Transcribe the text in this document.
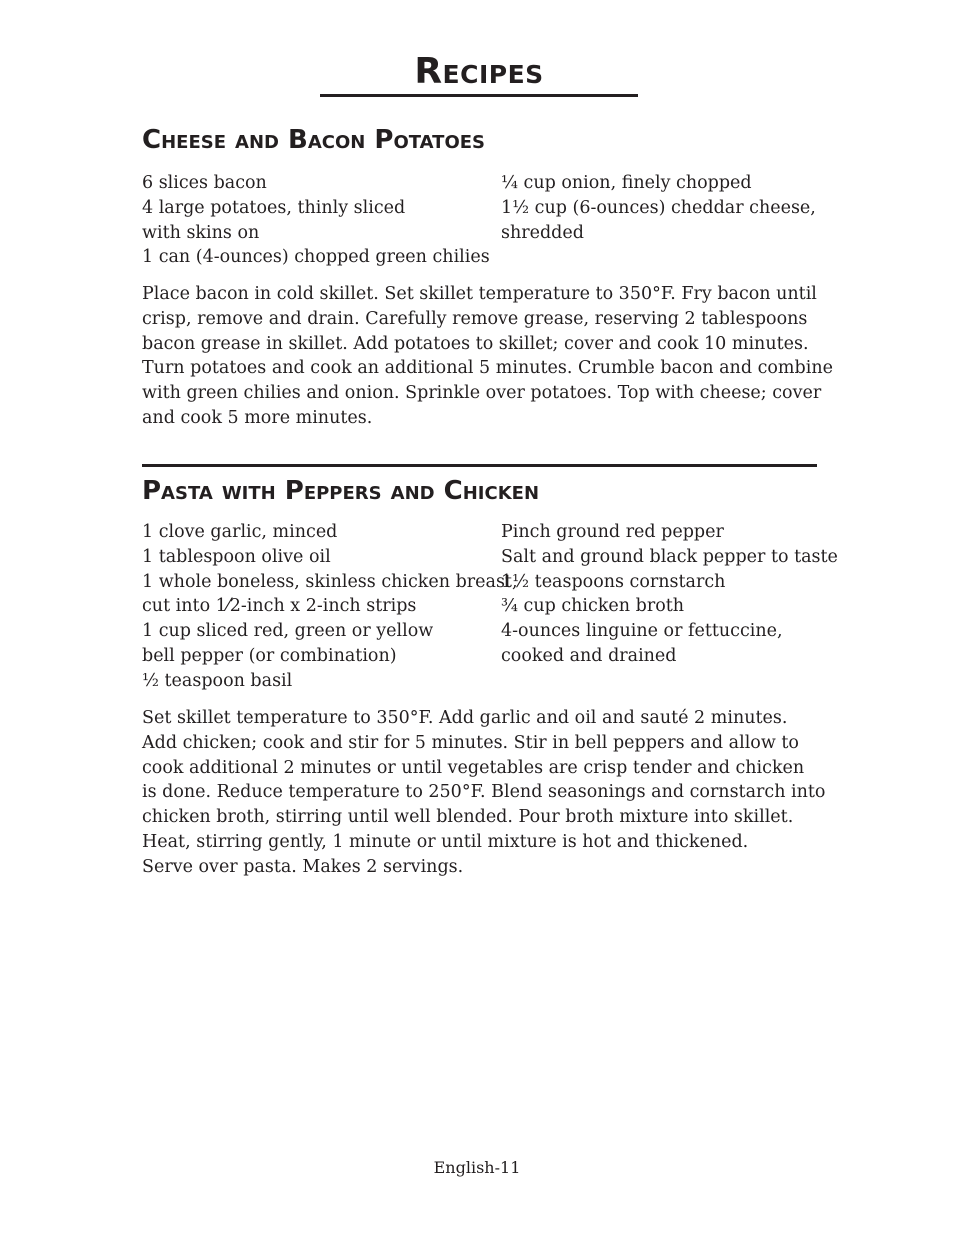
Recipes
Cheese and Bacon Potatoes
6 slices bacon
4 large potatoes, thinly sliced
with skins on
1 can (4-ounces) chopped green chilies
¼ cup onion, finely chopped
1½ cup (6-ounces) cheddar cheese,
shredded
Place bacon in cold skillet. Set skillet temperature to 350°F. Fry bacon until
crisp, remove and drain. Carefully remove grease, reserving 2 tablespoons
bacon grease in skillet. Add potatoes to skillet; cover and cook 10 minutes.
Turn potatoes and cook an additional 5 minutes. Crumble bacon and combine
with green chilies and onion. Sprinkle over potatoes. Top with cheese; cover
and cook 5 more minutes.
Pasta with Peppers and Chicken
1 clove garlic, minced
1 tablespoon olive oil
1 whole boneless, skinless chicken breast,
cut into 1⁄2-inch x 2-inch strips
1 cup sliced red, green or yellow
bell pepper (or combination)
½ teaspoon basil
Pinch ground red pepper
Salt and ground black pepper to taste
1½ teaspoons cornstarch
¾ cup chicken broth
4-ounces linguine or fettuccine,
cooked and drained
Set skillet temperature to 350°F. Add garlic and oil and sauté 2 minutes.
Add chicken; cook and stir for 5 minutes. Stir in bell peppers and allow to
cook additional 2 minutes or until vegetables are crisp tender and chicken
is done. Reduce temperature to 250°F. Blend seasonings and cornstarch into
chicken broth, stirring until well blended. Pour broth mixture into skillet.
Heat, stirring gently, 1 minute or until mixture is hot and thickened.
Serve over pasta. Makes 2 servings.
English-11
